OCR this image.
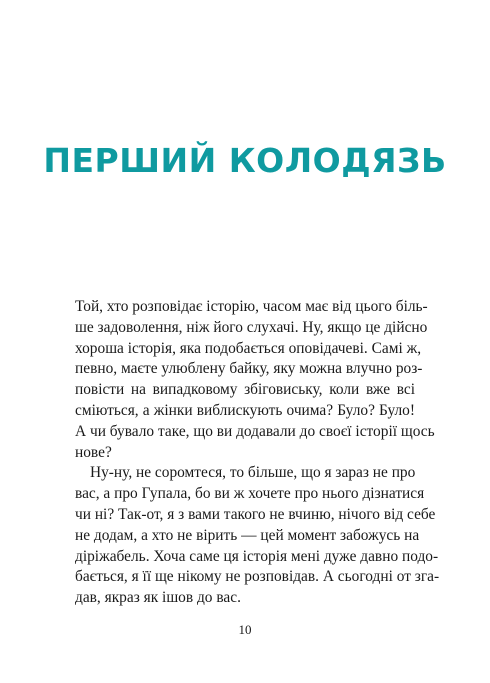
ПЕРШИЙ КОЛОДЯЗЬ
Той, хто розповідає історію, часом має від цього біль-
ше задоволення, ніж його слухачі. Ну, якщо це дійсно
хороша історія, яка подобається оповідачеві. Самі ж,
певно, маєте улюблену байку, яку можна влучно роз-
повісти на випадковому збіговиську, коли вже всі
сміються, а жінки виблискують очима? Було? Було!
А чи бувало таке, що ви додавали до своєї історії щось
нове?
Ну-ну, не соромтеся, то більше, що я зараз не про
вас, а про Гупала, бо ви ж хочете про нього дізнатися
чи ні? Так-от, я з вами такого не вчиню, нічого від себе
не додам, а хто не вірить — цей момент забожусь на
діріжабель. Хоча саме ця історія мені дуже давно подо-
бається, я її ще нікому не розповідав. А сьогодні от зга-
дав, якраз як ішов до вас.
10
